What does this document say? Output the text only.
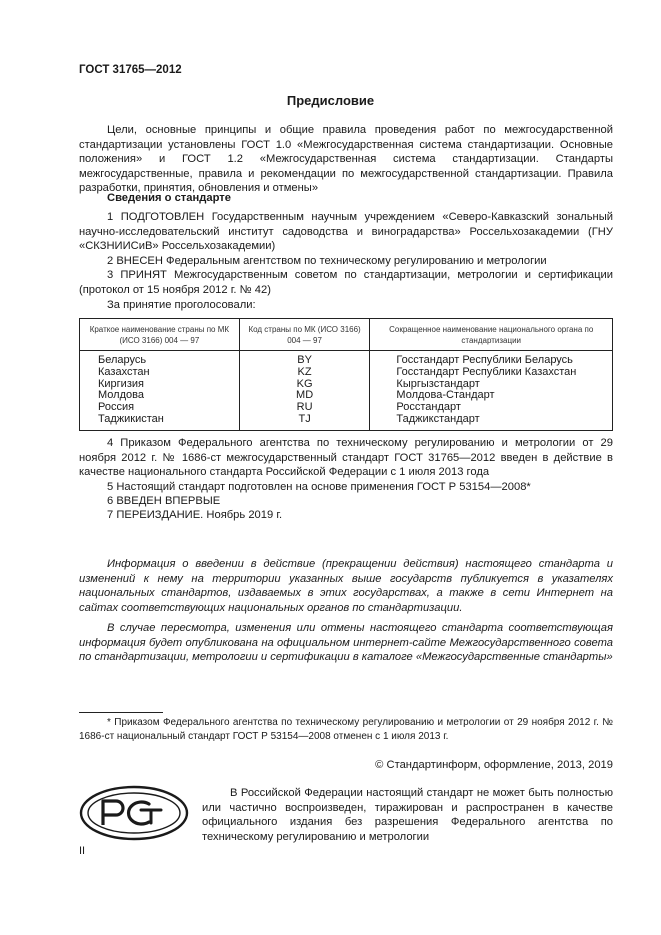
ГОСТ 31765—2012
Предисловие

Цели, основные принципы и общие правила проведения работ по межгосударственной стандартизации установлены ГОСТ 1.0 «Межгосударственная система стандартизации. Основные положения» и ГОСТ 1.2 «Межгосударственная система стандартизации. Стандарты межгосударственные, правила и рекомендации по межгосударственной стандартизации. Правила разработки, принятия, обновления и отмены»

Сведения о стандарте

1 ПОДГОТОВЛЕН Государственным научным учреждением «Северо-Кавказский зональный научно-исследовательский институт садоводства и виноградарства» Россельхозакадемии (ГНУ «СКЗНИИСиВ» Россельхозакадемии)

2 ВНЕСЕН Федеральным агентством по техническому регулированию и метрологии

3 ПРИНЯТ Межгосударственным советом по стандартизации, метрологии и сертификации (протокол от 15 ноября 2012 г. № 42)

За принятие проголосовали:

Краткое наименование страны по МК (ИСО 3166) 004 — 97	Код страны по МК (ИСО 3166) 004 — 97	Сокращенное наименование национального органа по стандартизации
Беларусь	BY	Госстандарт Республики Беларусь
Казахстан	KZ	Госстандарт Республики Казахстан
Киргизия	KG	Кыргызстандарт
Молдова	MD	Молдова-Стандарт
Россия	RU	Росстандарт
Таджикистан	TJ	Таджикстандарт

4 Приказом Федерального агентства по техническому регулированию и метрологии от 29 ноября 2012 г. № 1686-ст межгосударственный стандарт ГОСТ 31765—2012 введен в действие в качестве национального стандарта Российской Федерации с 1 июля 2013 года

5 Настоящий стандарт подготовлен на основе применения ГОСТ Р 53154—2008*

6 ВВЕДЕН ВПЕРВЫЕ

7 ПЕРЕИЗДАНИЕ. Ноябрь 2019 г.

Информация о введении в действие (прекращении действия) настоящего стандарта и изменений к нему на территории указанных выше государств публикуется в указателях национальных стандартов, издаваемых в этих государствах, а также в сети Интернет на сайтах соответствующих национальных органов по стандартизации.

В случае пересмотра, изменения или отмены настоящего стандарта соответствующая информация будет опубликована на официальном интернет-сайте Межгосударственного совета по стандартизации, метрологии и сертификации в каталоге «Межгосударственные стандарты»

* Приказом Федерального агентства по техническому регулированию и метрологии от 29 ноября 2012 г. № 1686-ст национальный стандарт ГОСТ Р 53154—2008 отменен с 1 июля 2013 г.

© Стандартинформ, оформление, 2013, 2019

В Российской Федерации настоящий стандарт не может быть полностью или частично воспроизведен, тиражирован и распространен в качестве официального издания без разрешения Федерального агентства по техническому регулированию и метрологии

II
